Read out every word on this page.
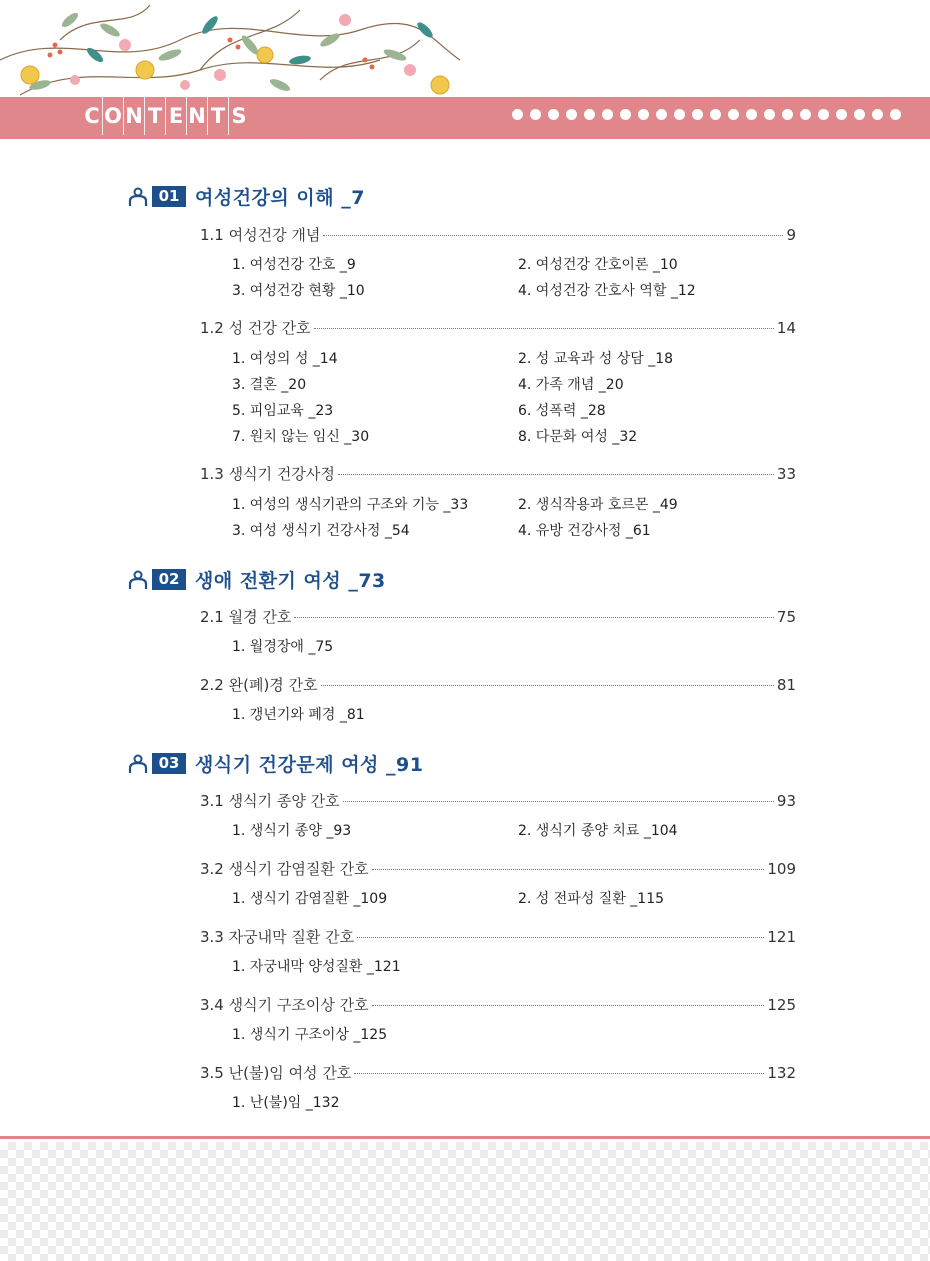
C O N T E N T S
01 여성건강의 이해 _7
1.1 여성건강 개념	9
1. 여성건강 간호 _9	2. 여성건강 간호이론 _10
3. 여성건강 현황 _10	4. 여성건강 간호사 역할 _12
1.2 성 건강 간호	14
1. 여성의 성 _14	2. 성 교육과 성 상담 _18
3. 결혼 _20	4. 가족 개념 _20
5. 피임교육 _23	6. 성폭력 _28
7. 원치 않는 임신 _30	8. 다문화 여성 _32
1.3 생식기 건강사정	33
1. 여성의 생식기관의 구조와 기능 _33	2. 생식작용과 호르몬 _49
3. 여성 생식기 건강사정 _54	4. 유방 건강사정 _61
02 생애 전환기 여성 _73
2.1 월경 간호	75
1. 월경장애 _75
2.2 완(폐)경 간호	81
1. 갱년기와 폐경 _81
03 생식기 건강문제 여성 _91
3.1 생식기 종양 간호	93
1. 생식기 종양 _93	2. 생식기 종양 치료 _104
3.2 생식기 감염질환 간호	109
1. 생식기 감염질환 _109	2. 성 전파성 질환 _115
3.3 자궁내막 질환 간호	121
1. 자궁내막 양성질환 _121
3.4 생식기 구조이상 간호	125
1. 생식기 구조이상 _125
3.5 난(불)임 여성 간호	132
1. 난(불)임 _132
